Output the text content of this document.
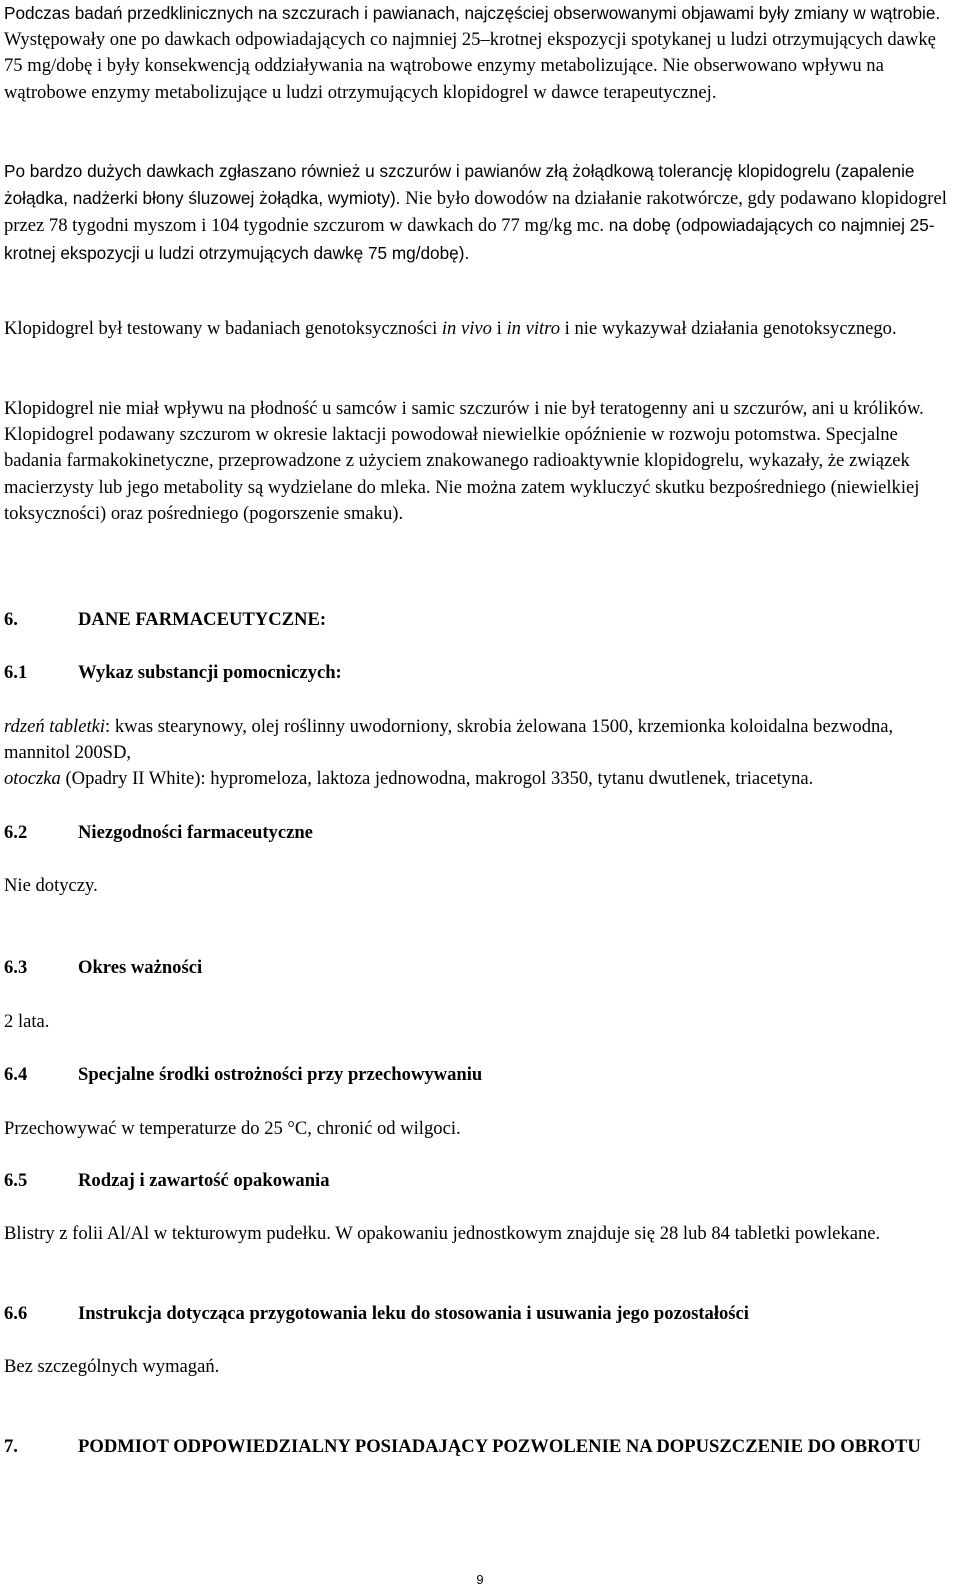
Podczas badań przedklinicznych na szczurach i pawianach, najczęściej obserwowanymi objawami były zmiany w wątrobie. Występowały one po dawkach odpowiadających co najmniej 25–krotnej ekspozycji spotykanej u ludzi otrzymujących dawkę 75 mg/dobę i były konsekwencją oddziaływania na wątrobowe enzymy metabolizujące. Nie obserwowano wpływu na wątrobowe enzymy metabolizujące u ludzi otrzymujących klopidogrel w dawce terapeutycznej.

Po bardzo dużych dawkach zgłaszano również u szczurów i pawianów złą żołądkową tolerancję klopidogrelu (zapalenie żołądka, nadżerki błony śluzowej żołądka, wymioty). Nie było dowodów na działanie rakotwórcze, gdy podawano klopidogrel przez 78 tygodni myszom i 104 tygodnie szczurom w dawkach do 77 mg/kg mc. na dobę (odpowiadających co najmniej 25-krotnej ekspozycji u ludzi otrzymujących dawkę 75 mg/dobę).

Klopidogrel był testowany w badaniach genotoksyczności in vivo i in vitro i nie wykazywał działania genotoksycznego.

Klopidogrel nie miał wpływu na płodność u samców i samic szczurów i nie był teratogenny ani u szczurów, ani u królików. Klopidogrel podawany szczurom w okresie laktacji powodował niewielkie opóźnienie w rozwoju potomstwa. Specjalne badania farmakokinetyczne, przeprowadzone z użyciem znakowanego radioaktywnie klopidogrelu, wykazały, że związek macierzysty lub jego metabolity są wydzielane do mleka. Nie można zatem wykluczyć skutku bezpośredniego (niewielkiej toksyczności) oraz pośredniego (pogorszenie smaku).

6.	DANE FARMACEUTYCZNE:
6.1	Wykaz substancji pomocniczych:

rdzeń tabletki: kwas stearynowy, olej roślinny uwodorniony, skrobia żelowana 1500, krzemionka koloidalna bezwodna, mannitol 200SD,
otoczka (Opadry II White): hypromeloza, laktoza jednowodna, makrogol 3350, tytanu dwutlenek, triacetyna.

6.2	Niezgodności farmaceutyczne

Nie dotyczy.

6.3	Okres ważności

2 lata.

6.4	Specjalne środki ostrożności przy przechowywaniu

Przechowywać w temperaturze do 25 °C, chronić od wilgoci.

6.5	Rodzaj i zawartość opakowania

Blistry z folii Al/Al w tekturowym pudełku. W opakowaniu jednostkowym znajduje się 28 lub 84 tabletki powlekane.

6.6	Instrukcja dotycząca przygotowania leku do stosowania i usuwania jego pozostałości

Bez szczególnych wymagań.

7.	PODMIOT ODPOWIEDZIALNY POSIADAJĄCY POZWOLENIE NA DOPUSZCZENIE DO OBROTU
9
